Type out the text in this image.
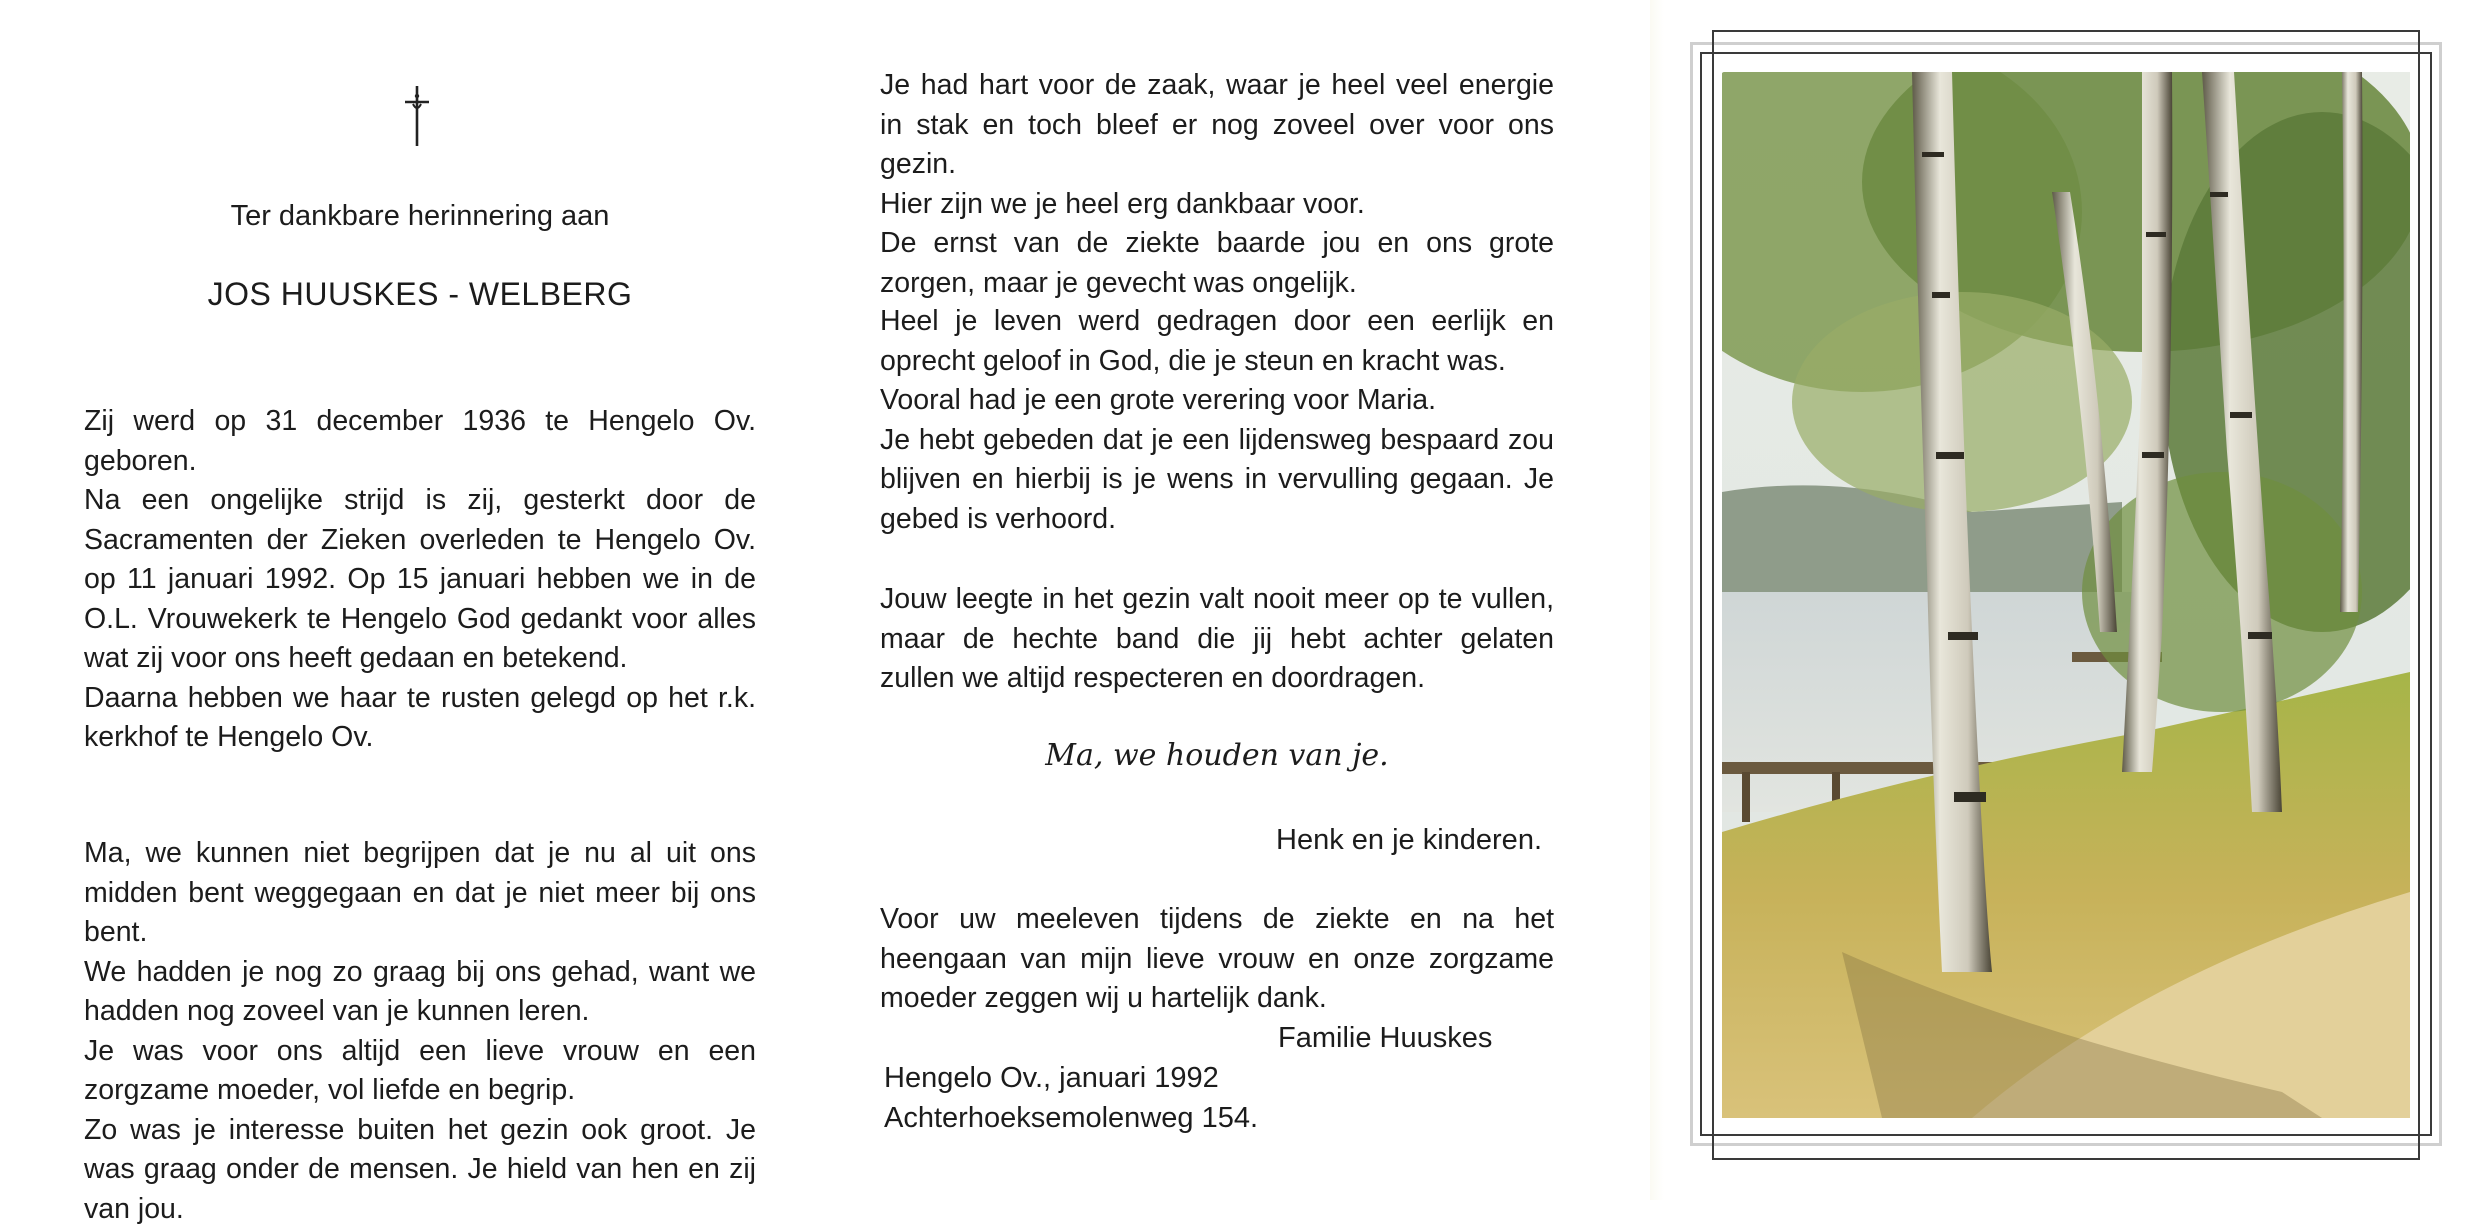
Ter dankbare herinnering aan
JOS HUUSKES - WELBERG

Zij werd op 31 december 1936 te Hengelo Ov. geboren.

Na een ongelijke strijd is zij, gesterkt door de Sacramenten der Zieken overleden te Hengelo Ov. op 11 januari 1992. Op 15 januari hebben we in de O.L. Vrouwekerk te Hengelo God gedankt voor alles wat zij voor ons heeft gedaan en betekend.

Daarna hebben we haar te rusten gelegd op het r.k. kerkhof te Hengelo Ov.

Ma, we kunnen niet begrijpen dat je nu al uit ons midden bent weggegaan en dat je niet meer bij ons bent.

We hadden je nog zo graag bij ons gehad, want we hadden nog zoveel van je kunnen leren.

Je was voor ons altijd een lieve vrouw en een zorgzame moeder, vol liefde en begrip.

Zo was je interesse buiten het gezin ook groot. Je was graag onder de mensen. Je hield van hen en zij van jou.

Je had hart voor de zaak, waar je heel veel energie in stak en toch bleef er nog zoveel over voor ons gezin.

Hier zijn we je heel erg dankbaar voor.

De ernst van de ziekte baarde jou en ons grote zorgen, maar je gevecht was ongelijk.

Heel je leven werd gedragen door een eerlijk en oprecht geloof in God, die je steun en kracht was.

Vooral had je een grote verering voor Maria.

Je hebt gebeden dat je een lijdensweg bespaard zou blijven en hierbij is je wens in vervulling gegaan. Je gebed is verhoord.

Jouw leegte in het gezin valt nooit meer op te vullen, maar de hechte band die jij hebt achter gelaten zullen we altijd respecteren en doordragen.

Ma, we houden van je.
Henk en je kinderen.

Voor uw meeleven tijdens de ziekte en na het heengaan van mijn lieve vrouw en onze zorgzame moeder zeggen wij u hartelijk dank.

Familie Huuskes
Hengelo Ov., januari 1992
Achterhoeksemolenweg 154.
